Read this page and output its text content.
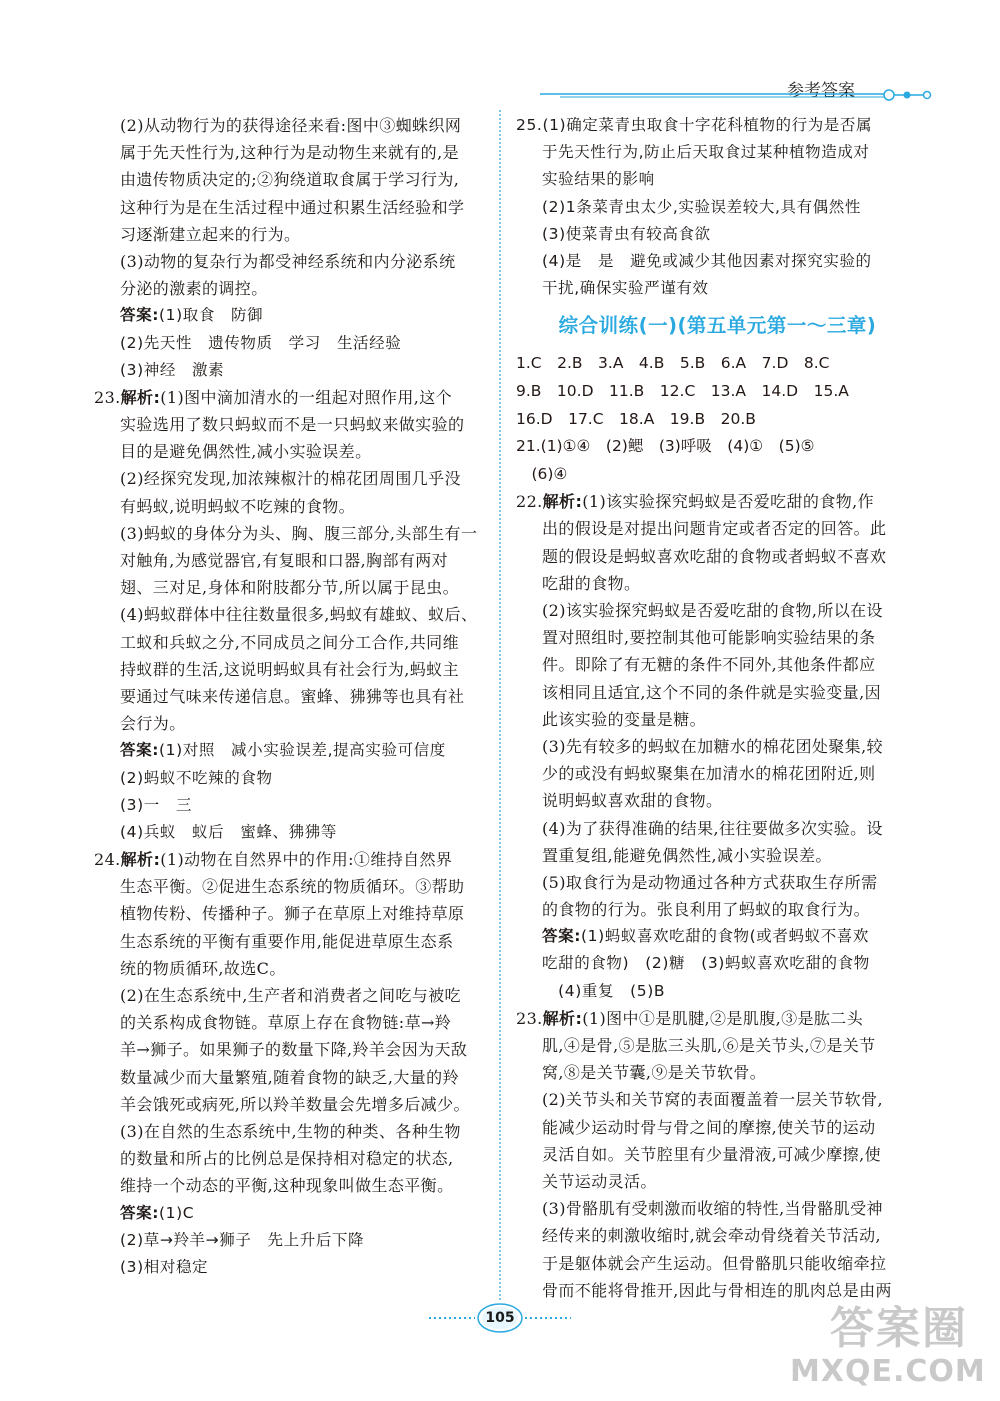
参考答案
(2)从动物行为的获得途径来看:图中③蜘蛛织网
属于先天性行为,这种行为是动物生来就有的,是
由遗传物质决定的;②狗绕道取食属于学习行为,
这种行为是在生活过程中通过积累生活经验和学
习逐渐建立起来的行为。
(3)动物的复杂行为都受神经系统和内分泌系统
分泌的激素的调控。
答案:(1)取食　防御
(2)先天性　遗传物质　学习　生活经验
(3)神经　激素
23.解析:(1)图中滴加清水的一组起对照作用,这个
实验选用了数只蚂蚁而不是一只蚂蚁来做实验的
目的是避免偶然性,减小实验误差。
(2)经探究发现,加浓辣椒汁的棉花团周围几乎没
有蚂蚁,说明蚂蚁不吃辣的食物。
(3)蚂蚁的身体分为头、胸、腹三部分,头部生有一
对触角,为感觉器官,有复眼和口器,胸部有两对
翅、三对足,身体和附肢都分节,所以属于昆虫。
(4)蚂蚁群体中往往数量很多,蚂蚁有雄蚁、蚁后、
工蚁和兵蚁之分,不同成员之间分工合作,共同维
持蚁群的生活,这说明蚂蚁具有社会行为,蚂蚁主
要通过气味来传递信息。蜜蜂、狒狒等也具有社
会行为。
答案:(1)对照　减小实验误差,提高实验可信度
(2)蚂蚁不吃辣的食物
(3)一　三
(4)兵蚁　蚁后　蜜蜂、狒狒等
24.解析:(1)动物在自然界中的作用:①维持自然界
生态平衡。②促进生态系统的物质循环。③帮助
植物传粉、传播种子。狮子在草原上对维持草原
生态系统的平衡有重要作用,能促进草原生态系
统的物质循环,故选C。
(2)在生态系统中,生产者和消费者之间吃与被吃
的关系构成食物链。草原上存在食物链:草→羚
羊→狮子。如果狮子的数量下降,羚羊会因为天敌
数量减少而大量繁殖,随着食物的缺乏,大量的羚
羊会饿死或病死,所以羚羊数量会先增多后减少。
(3)在自然的生态系统中,生物的种类、各种生物
的数量和所占的比例总是保持相对稳定的状态,
维持一个动态的平衡,这种现象叫做生态平衡。
答案:(1)C
(2)草→羚羊→狮子　先上升后下降
(3)相对稳定
25.(1)确定菜青虫取食十字花科植物的行为是否属
于先天性行为,防止后天取食过某种植物造成对
实验结果的影响
(2)1条菜青虫太少,实验误差较大,具有偶然性
(3)使菜青虫有较高食欲
(4)是　是　避免或减少其他因素对探究实验的
干扰,确保实验严谨有效
综合训练(一)(第五单元第一～三章)
1.C　2.B　3.A　4.B　5.B　6.A　7.D　8.C
9.B　10.D　11.B　12.C　13.A　14.D　15.A
16.D　17.C　18.A　19.B　20.B
21.(1)①④　(2)鳃　(3)呼吸　(4)①　(5)⑤
　(6)④
22.解析:(1)该实验探究蚂蚁是否爱吃甜的食物,作
出的假设是对提出问题肯定或者否定的回答。此
题的假设是蚂蚁喜欢吃甜的食物或者蚂蚁不喜欢
吃甜的食物。
(2)该实验探究蚂蚁是否爱吃甜的食物,所以在设
置对照组时,要控制其他可能影响实验结果的条
件。即除了有无糖的条件不同外,其他条件都应
该相同且适宜,这个不同的条件就是实验变量,因
此该实验的变量是糖。
(3)先有较多的蚂蚁在加糖水的棉花团处聚集,较
少的或没有蚂蚁聚集在加清水的棉花团附近,则
说明蚂蚁喜欢甜的食物。
(4)为了获得准确的结果,往往要做多次实验。设
置重复组,能避免偶然性,减小实验误差。
(5)取食行为是动物通过各种方式获取生存所需
的食物的行为。张良利用了蚂蚁的取食行为。
答案:(1)蚂蚁喜欢吃甜的食物(或者蚂蚁不喜欢
吃甜的食物)　(2)糖　(3)蚂蚁喜欢吃甜的食物
　(4)重复　(5)B
23.解析:(1)图中①是肌腱,②是肌腹,③是肱二头
肌,④是骨,⑤是肱三头肌,⑥是关节头,⑦是关节
窝,⑧是关节囊,⑨是关节软骨。
(2)关节头和关节窝的表面覆盖着一层关节软骨,
能减少运动时骨与骨之间的摩擦,使关节的运动
灵活自如。关节腔里有少量滑液,可减少摩擦,使
关节运动灵活。
(3)骨骼肌有受刺激而收缩的特性,当骨骼肌受神
经传来的刺激收缩时,就会牵动骨绕着关节活动,
于是躯体就会产生运动。但骨骼肌只能收缩牵拉
骨而不能将骨推开,因此与骨相连的肌肉总是由两
105	答案圈
MXQE.COM
